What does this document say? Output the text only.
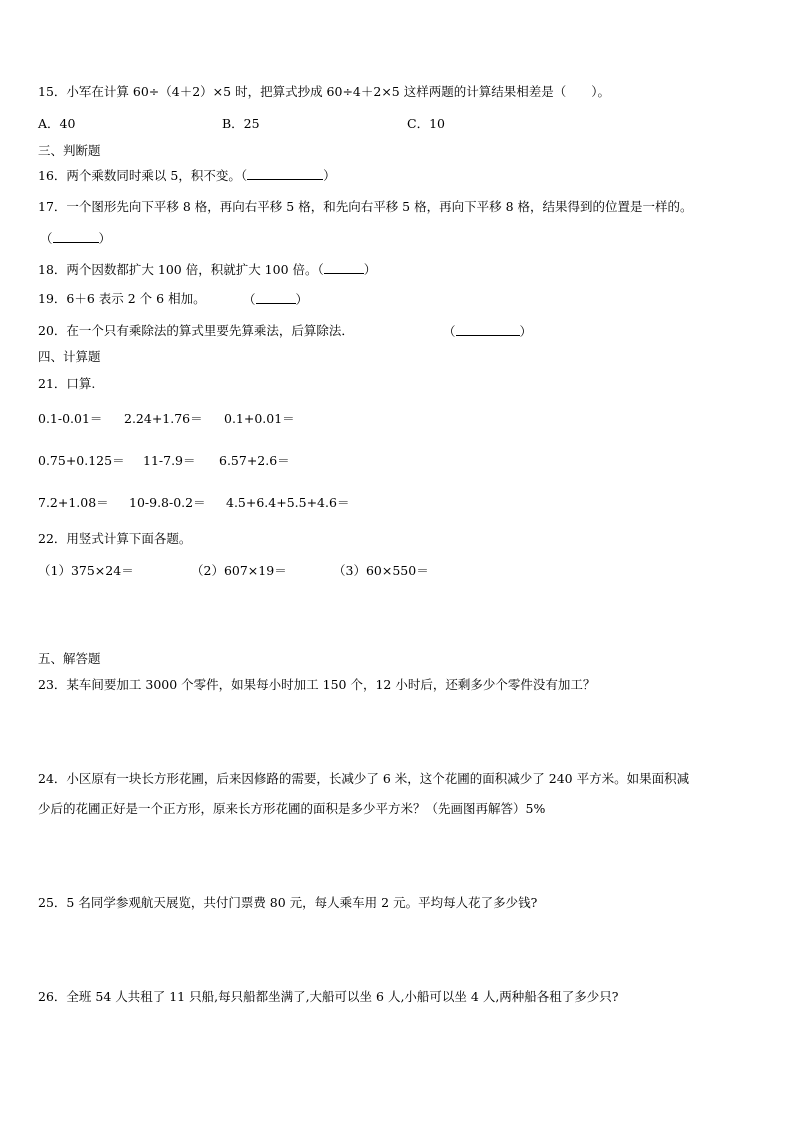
15．小军在计算 60÷（4＋2）×5 时，把算式抄成 60÷4＋2×5 这样两题的计算结果相差是（　　）。
A．40	B．25	C．10
三、判断题
16．两个乘数同时乘以 5，积不变。（	）
17．一个图形先向下平移 8 格，再向右平移 5 格，和先向右平移 5 格，再向下平移 8 格，结果得到的位置是一样的。
（	）
18．两个因数都扩大 100 倍，积就扩大 100 倍。（	）
19．6＋6 表示 2 个 6 相加。	（	）
20．在一个只有乘除法的算式里要先算乘法，后算除法．	（	）
四、计算题
21．口算.
0.1-0.01＝ 2.24+1.76＝ 0.1+0.01＝
0.75+0.125＝ 11-7.9＝ 6.57+2.6＝
7.2+1.08＝ 10-9.8-0.2＝ 4.5+6.4+5.5+4.6＝
22．用竖式计算下面各题。
（1）375×24＝	（2）607×19＝	（3）60×550＝
五、解答题
23．某车间要加工 3000 个零件，如果每小时加工 150 个，12 小时后，还剩多少个零件没有加工？
24．小区原有一块长方形花圃，后来因修路的需要，长减少了 6 米，这个花圃的面积减少了 240 平方米。如果面积减
少后的花圃正好是一个正方形，原来长方形花圃的面积是多少平方米？（先画图再解答）5%
25．5 名同学参观航天展览，共付门票费 80 元，每人乘车用 2 元。平均每人花了多少钱?
26．全班 54 人共租了 11 只船,每只船都坐满了,大船可以坐 6 人,小船可以坐 4 人,两种船各租了多少只?
